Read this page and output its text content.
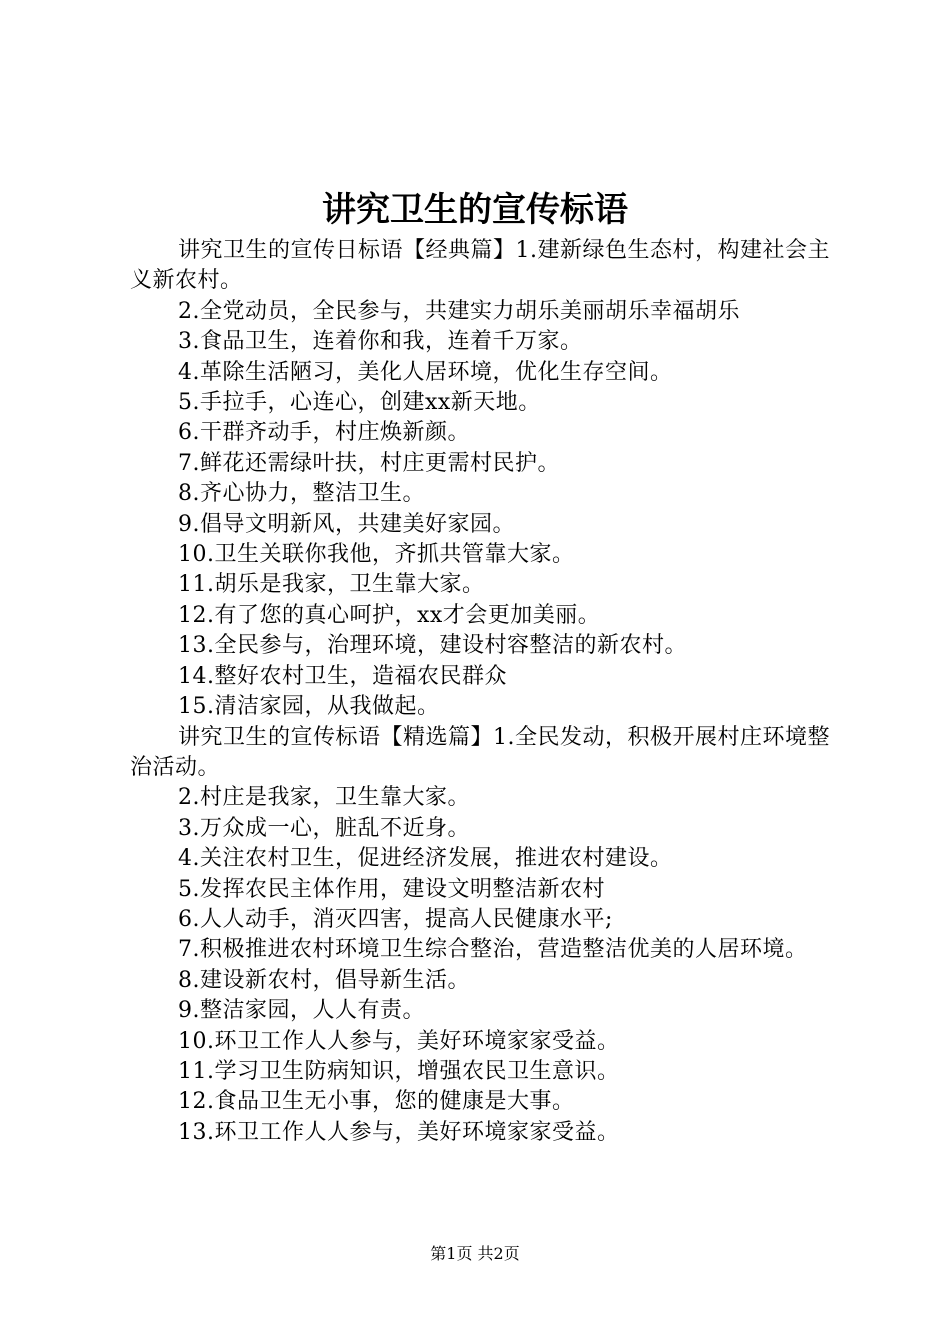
讲究卫生的宣传标语

讲究卫生的宣传日标语【经典篇】1.建新绿色生态村，构建社会主义新农村。

2.全党动员，全民参与，共建实力胡乐美丽胡乐幸福胡乐

3.食品卫生，连着你和我，连着千万家。

4.革除生活陋习，美化人居环境，优化生存空间。

5.手拉手，心连心，创建xx新天地。

6.干群齐动手，村庄焕新颜。

7.鲜花还需绿叶扶，村庄更需村民护。

8.齐心协力，整洁卫生。

9.倡导文明新风，共建美好家园。

10.卫生关联你我他，齐抓共管靠大家。

11.胡乐是我家，卫生靠大家。

12.有了您的真心呵护，xx才会更加美丽。

13.全民参与，治理环境，建设村容整洁的新农村。

14.整好农村卫生，造福农民群众

15.清洁家园，从我做起。

讲究卫生的宣传标语【精选篇】1.全民发动，积极开展村庄环境整治活动。

2.村庄是我家，卫生靠大家。

3.万众成一心，脏乱不近身。

4.关注农村卫生，促进经济发展，推进农村建设。

5.发挥农民主体作用，建设文明整洁新农村

6.人人动手，消灭四害，提高人民健康水平;

7.积极推进农村环境卫生综合整治，营造整洁优美的人居环境。

8.建设新农村，倡导新生活。

9.整洁家园，人人有责。

10.环卫工作人人参与，美好环境家家受益。

11.学习卫生防病知识，增强农民卫生意识。

12.食品卫生无小事，您的健康是大事。

13.环卫工作人人参与，美好环境家家受益。

第1页 共2页
